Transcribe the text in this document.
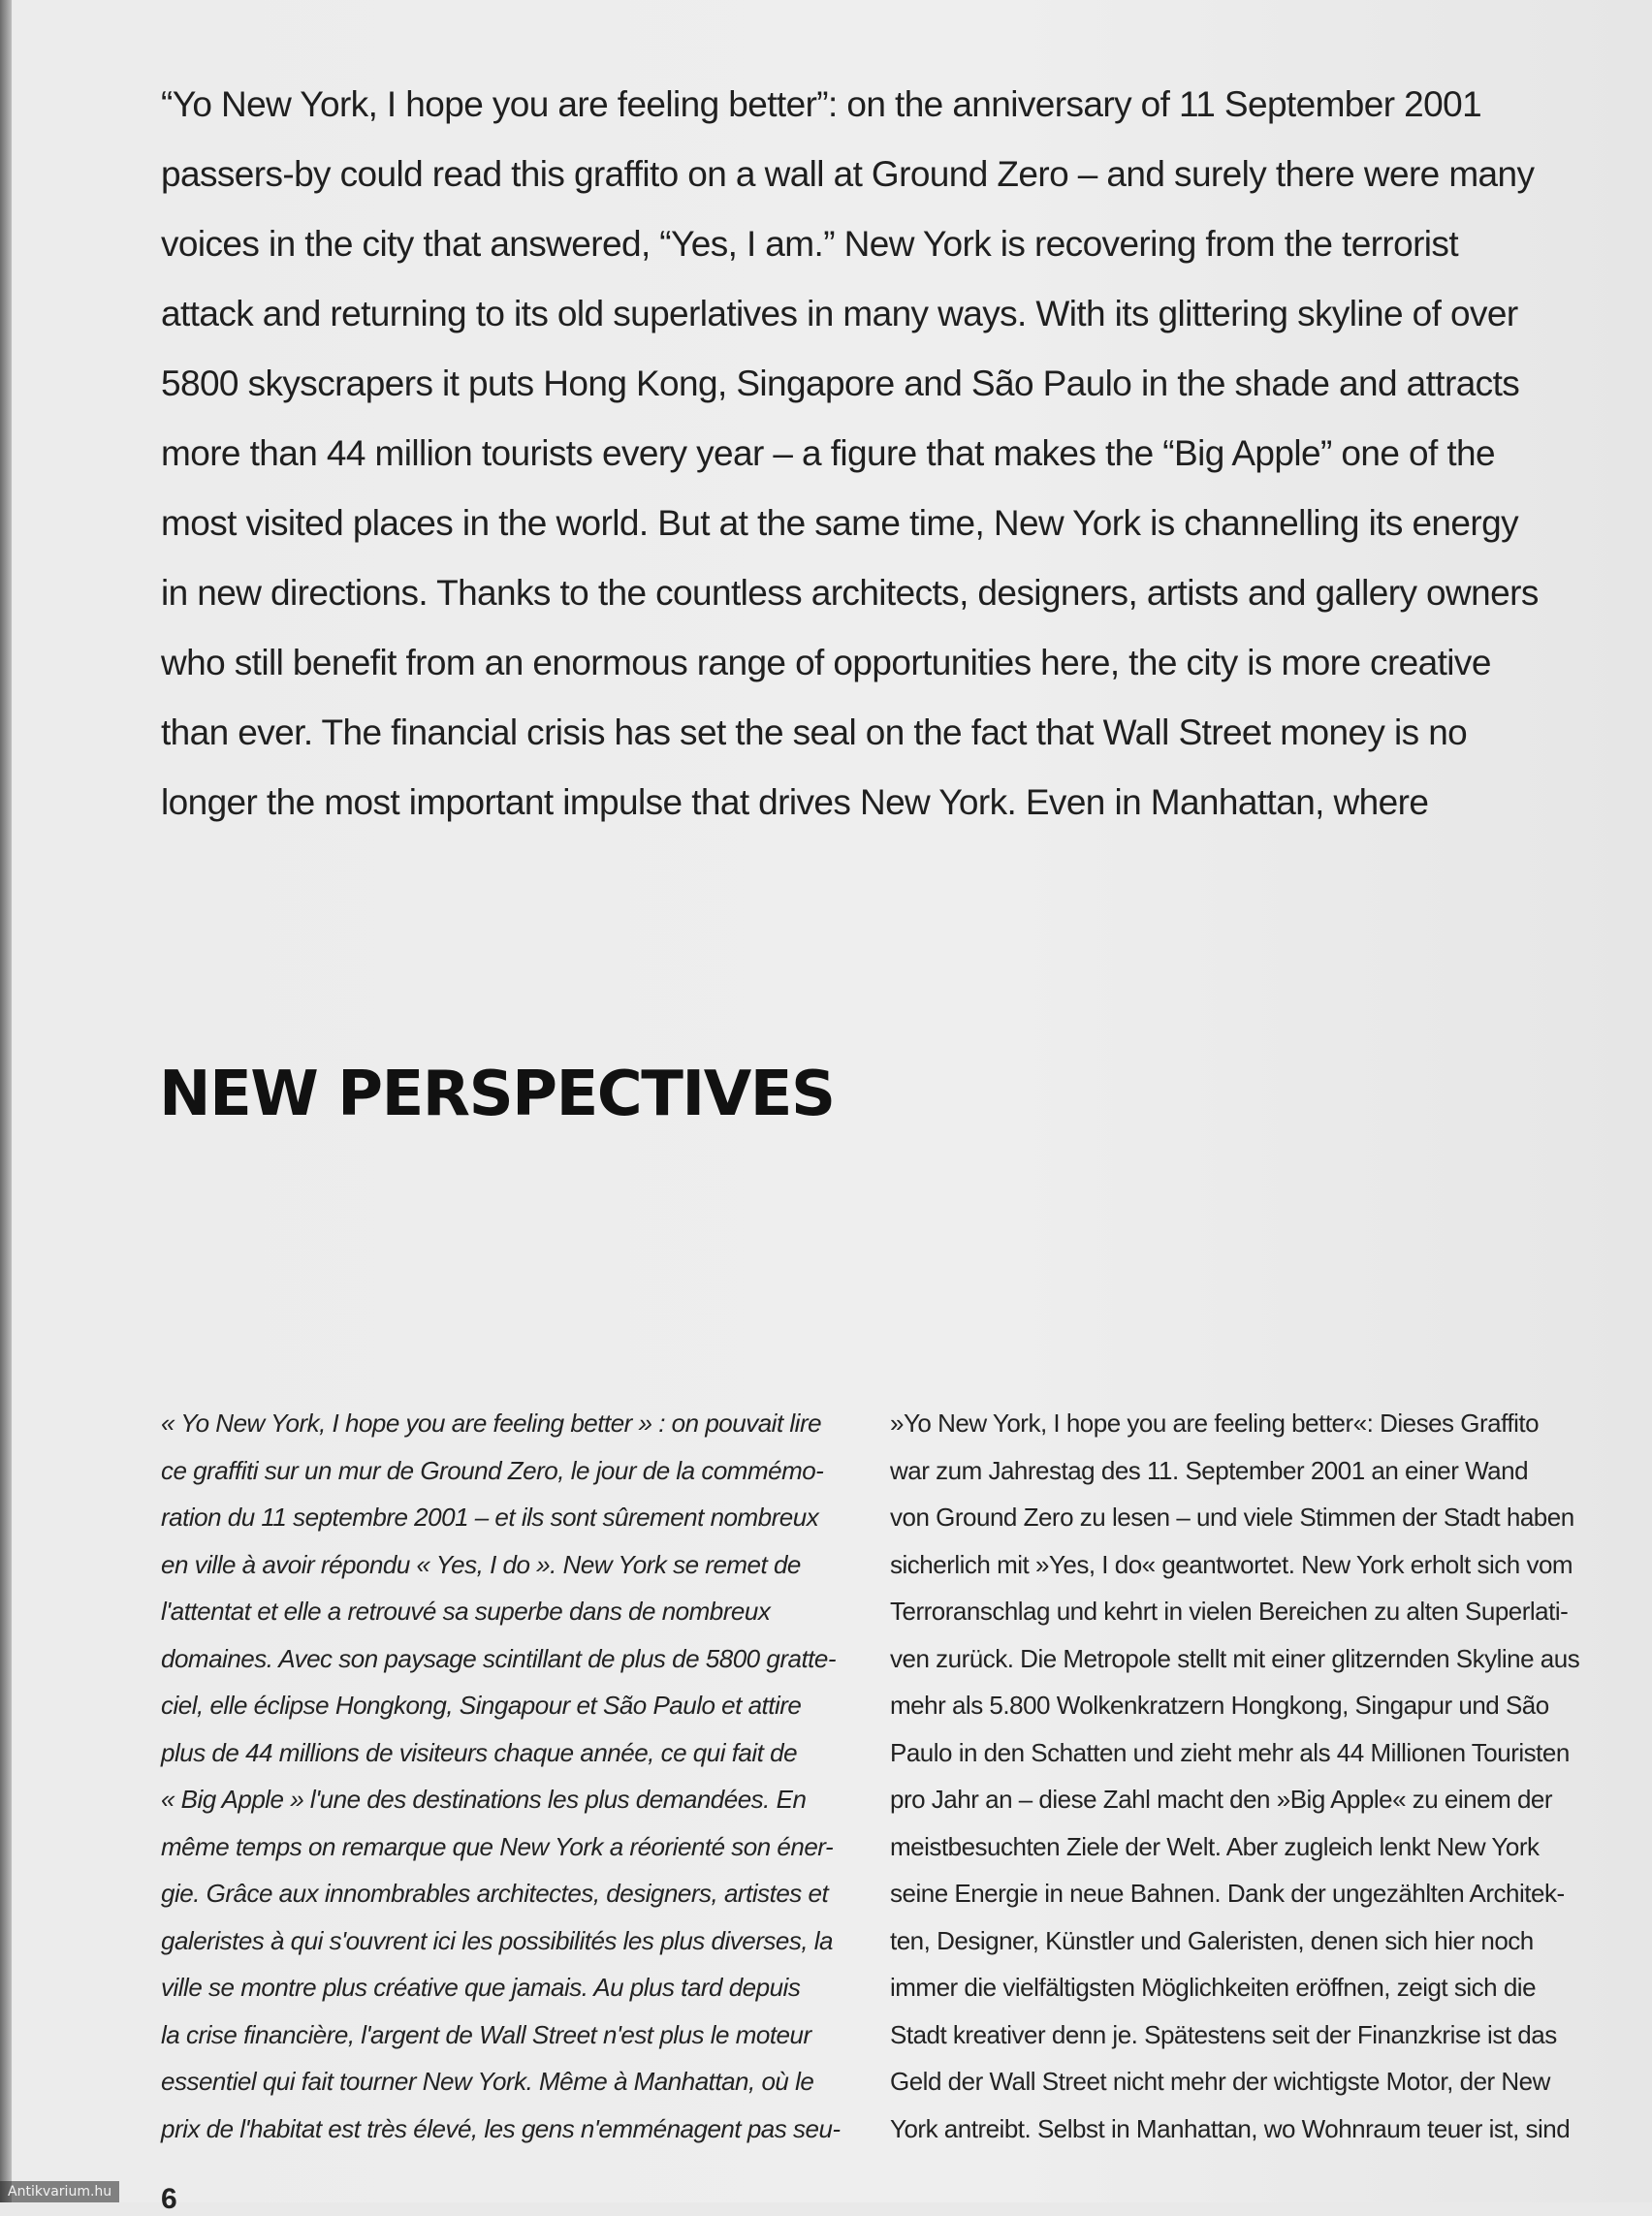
“Yo New York, I hope you are feeling better”: on the anniversary of 11 September 2001
passers-by could read this graffito on a wall at Ground Zero – and surely there were many
voices in the city that answered, “Yes, I am.” New York is recovering from the terrorist
attack and returning to its old superlatives in many ways. With its glittering skyline of over
5800 skyscrapers it puts Hong Kong, Singapore and São Paulo in the shade and attracts
more than 44 million tourists every year – a figure that makes the “Big Apple” one of the
most visited places in the world. But at the same time, New York is channelling its energy
in new directions. Thanks to the countless architects, designers, artists and gallery owners
who still benefit from an enormous range of opportunities here, the city is more creative
than ever. The financial crisis has set the seal on the fact that Wall Street money is no
longer the most important impulse that drives New York. Even in Manhattan, where
NEW PERSPECTIVES
« Yo New York, I hope you are feeling better » : on pouvait lire
ce graffiti sur un mur de Ground Zero, le jour de la commémo-
ration du 11 septembre 2001 – et ils sont sûrement nombreux
en ville à avoir répondu « Yes, I do ». New York se remet de
l'attentat et elle a retrouvé sa superbe dans de nombreux
domaines. Avec son paysage scintillant de plus de 5800 gratte-
ciel, elle éclipse Hongkong, Singapour et São Paulo et attire
plus de 44 millions de visiteurs chaque année, ce qui fait de
« Big Apple » l'une des destinations les plus demandées. En
même temps on remarque que New York a réorienté son éner-
gie. Grâce aux innombrables architectes, designers, artistes et
galeristes à qui s'ouvrent ici les possibilités les plus diverses, la
ville se montre plus créative que jamais. Au plus tard depuis
la crise financière, l'argent de Wall Street n'est plus le moteur
essentiel qui fait tourner New York. Même à Manhattan, où le
prix de l'habitat est très élevé, les gens n'emménagent pas seu-
»Yo New York, I hope you are feeling better«: Dieses Graffito
war zum Jahrestag des 11. September 2001 an einer Wand
von Ground Zero zu lesen – und viele Stimmen der Stadt haben
sicherlich mit »Yes, I do« geantwortet. New York erholt sich vom
Terroranschlag und kehrt in vielen Bereichen zu alten Superlati-
ven zurück. Die Metropole stellt mit einer glitzernden Skyline aus
mehr als 5.800 Wolkenkratzern Hongkong, Singapur und São
Paulo in den Schatten und zieht mehr als 44 Millionen Touristen
pro Jahr an – diese Zahl macht den »Big Apple« zu einem der
meistbesuchten Ziele der Welt. Aber zugleich lenkt New York
seine Energie in neue Bahnen. Dank der ungezählten Architek-
ten, Designer, Künstler und Galeristen, denen sich hier noch
immer die vielfältigsten Möglichkeiten eröffnen, zeigt sich die
Stadt kreativer denn je. Spätestens seit der Finanzkrise ist das
Geld der Wall Street nicht mehr der wichtigste Motor, der New
York antreibt. Selbst in Manhattan, wo Wohnraum teuer ist, sind
6
Antikvarium.hu
